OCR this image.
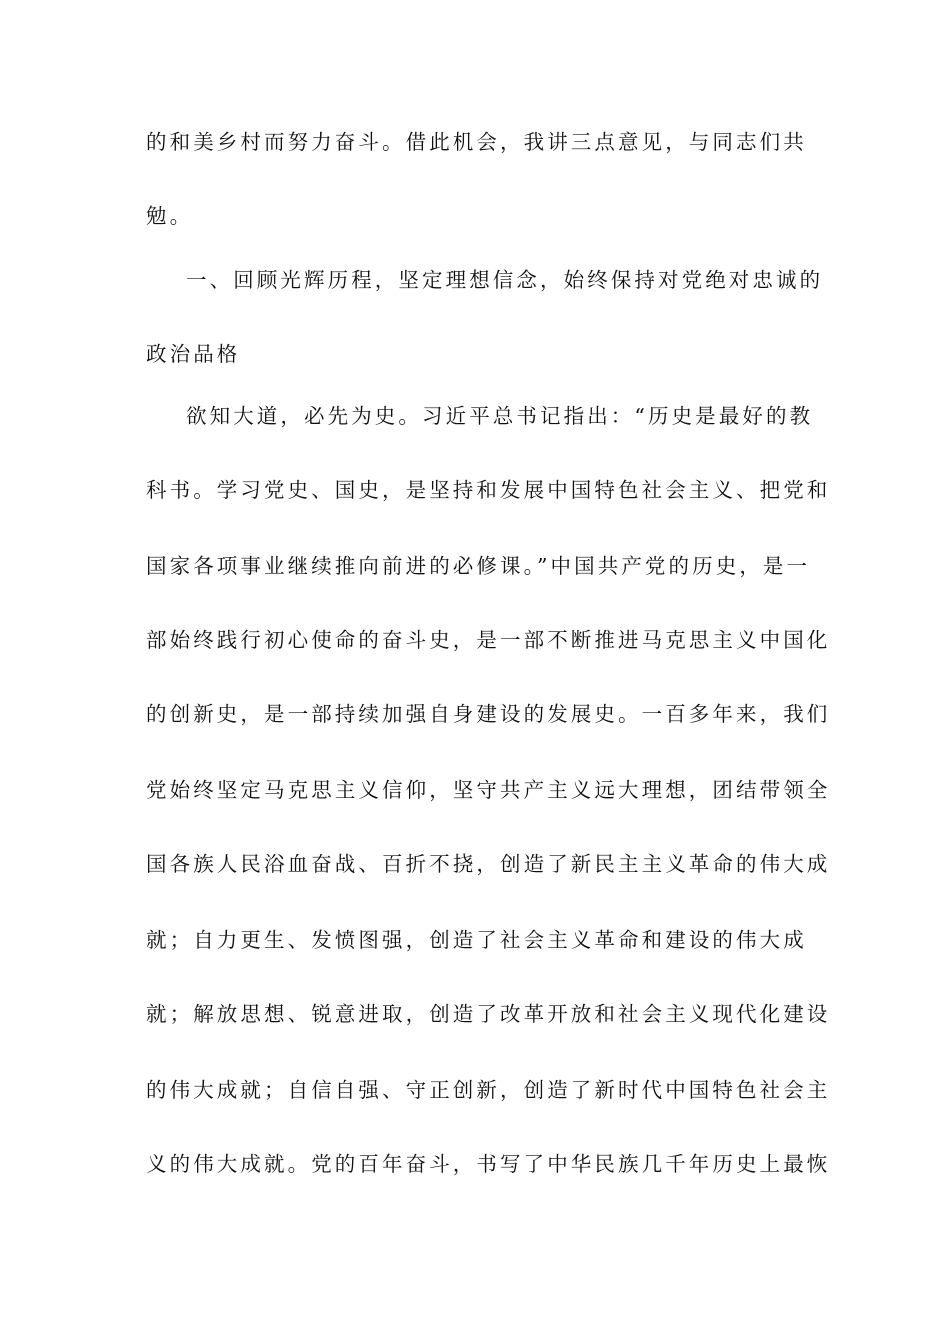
的和美乡村而努力奋斗。借此机会，我讲三点意见，与同志们共
勉。
一、回顾光辉历程，坚定理想信念，始终保持对党绝对忠诚的
政治品格
欲知大道，必先为史。习近平总书记指出：“历史是最好的教
科书。学习党史、国史，是坚持和发展中国特色社会主义、把党和
国家各项事业继续推向前进的必修课。”中国共产党的历史，是一
部始终践行初心使命的奋斗史，是一部不断推进马克思主义中国化
的创新史，是一部持续加强自身建设的发展史。一百多年来，我们
党始终坚定马克思主义信仰，坚守共产主义远大理想，团结带领全
国各族人民浴血奋战、百折不挠，创造了新民主主义革命的伟大成
就；自力更生、发愤图强，创造了社会主义革命和建设的伟大成
就；解放思想、锐意进取，创造了改革开放和社会主义现代化建设
的伟大成就；自信自强、守正创新，创造了新时代中国特色社会主
义的伟大成就。党的百年奋斗，书写了中华民族几千年历史上最恢
